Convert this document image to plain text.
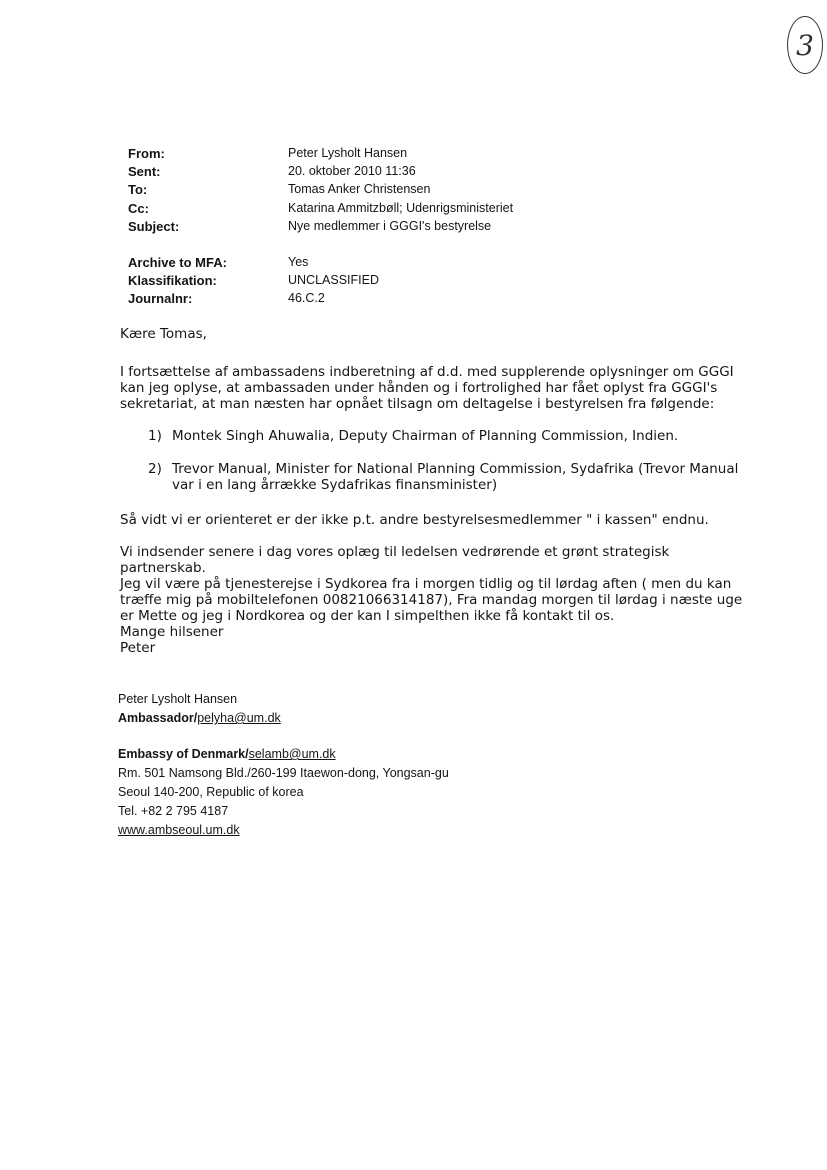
3
From:	Peter Lysholt Hansen
Sent:	20. oktober 2010 11:36
To:	Tomas Anker Christensen
Cc:	Katarina Ammitzbøll; Udenrigsministeriet
Subject:	Nye medlemmer i GGGI's bestyrelse
Archive to MFA:	Yes
Klassifikation:	UNCLASSIFIED
Journalnr:	46.C.2
Kære Tomas,
I fortsættelse af ambassadens indberetning af d.d. med supplerende oplysninger om GGGI
kan jeg oplyse, at ambassaden under hånden og i fortrolighed har fået oplyst fra GGGI's
sekretariat, at man næsten har opnået tilsagn om deltagelse i bestyrelsen fra følgende:
1) Montek Singh Ahuwalia, Deputy Chairman of Planning Commission, Indien.
2) Trevor Manual, Minister for National Planning Commission, Sydafrika (Trevor Manual
var i en lang årrække Sydafrikas finansminister)
Så vidt vi er orienteret er der ikke p.t. andre bestyrelsesmedlemmer " i kassen" endnu.
Vi indsender senere i dag vores oplæg til ledelsen vedrørende et grønt strategisk
partnerskab.
Jeg vil være på tjenesterejse i Sydkorea fra i morgen tidlig og til lørdag aften ( men du kan
træffe mig på mobiltelefonen 00821066314187), Fra mandag morgen til lørdag i næste uge
er Mette og jeg i Nordkorea og der kan I simpelthen ikke få kontakt til os.
Mange hilsener
Peter
Peter Lysholt Hansen
Ambassador/pelyha@um.dk
Embassy of Denmark/selamb@um.dk
Rm. 501 Namsong Bld./260-199 Itaewon-dong, Yongsan-gu
Seoul 140-200, Republic of korea
Tel. +82 2 795 4187
www.ambseoul.um.dk
